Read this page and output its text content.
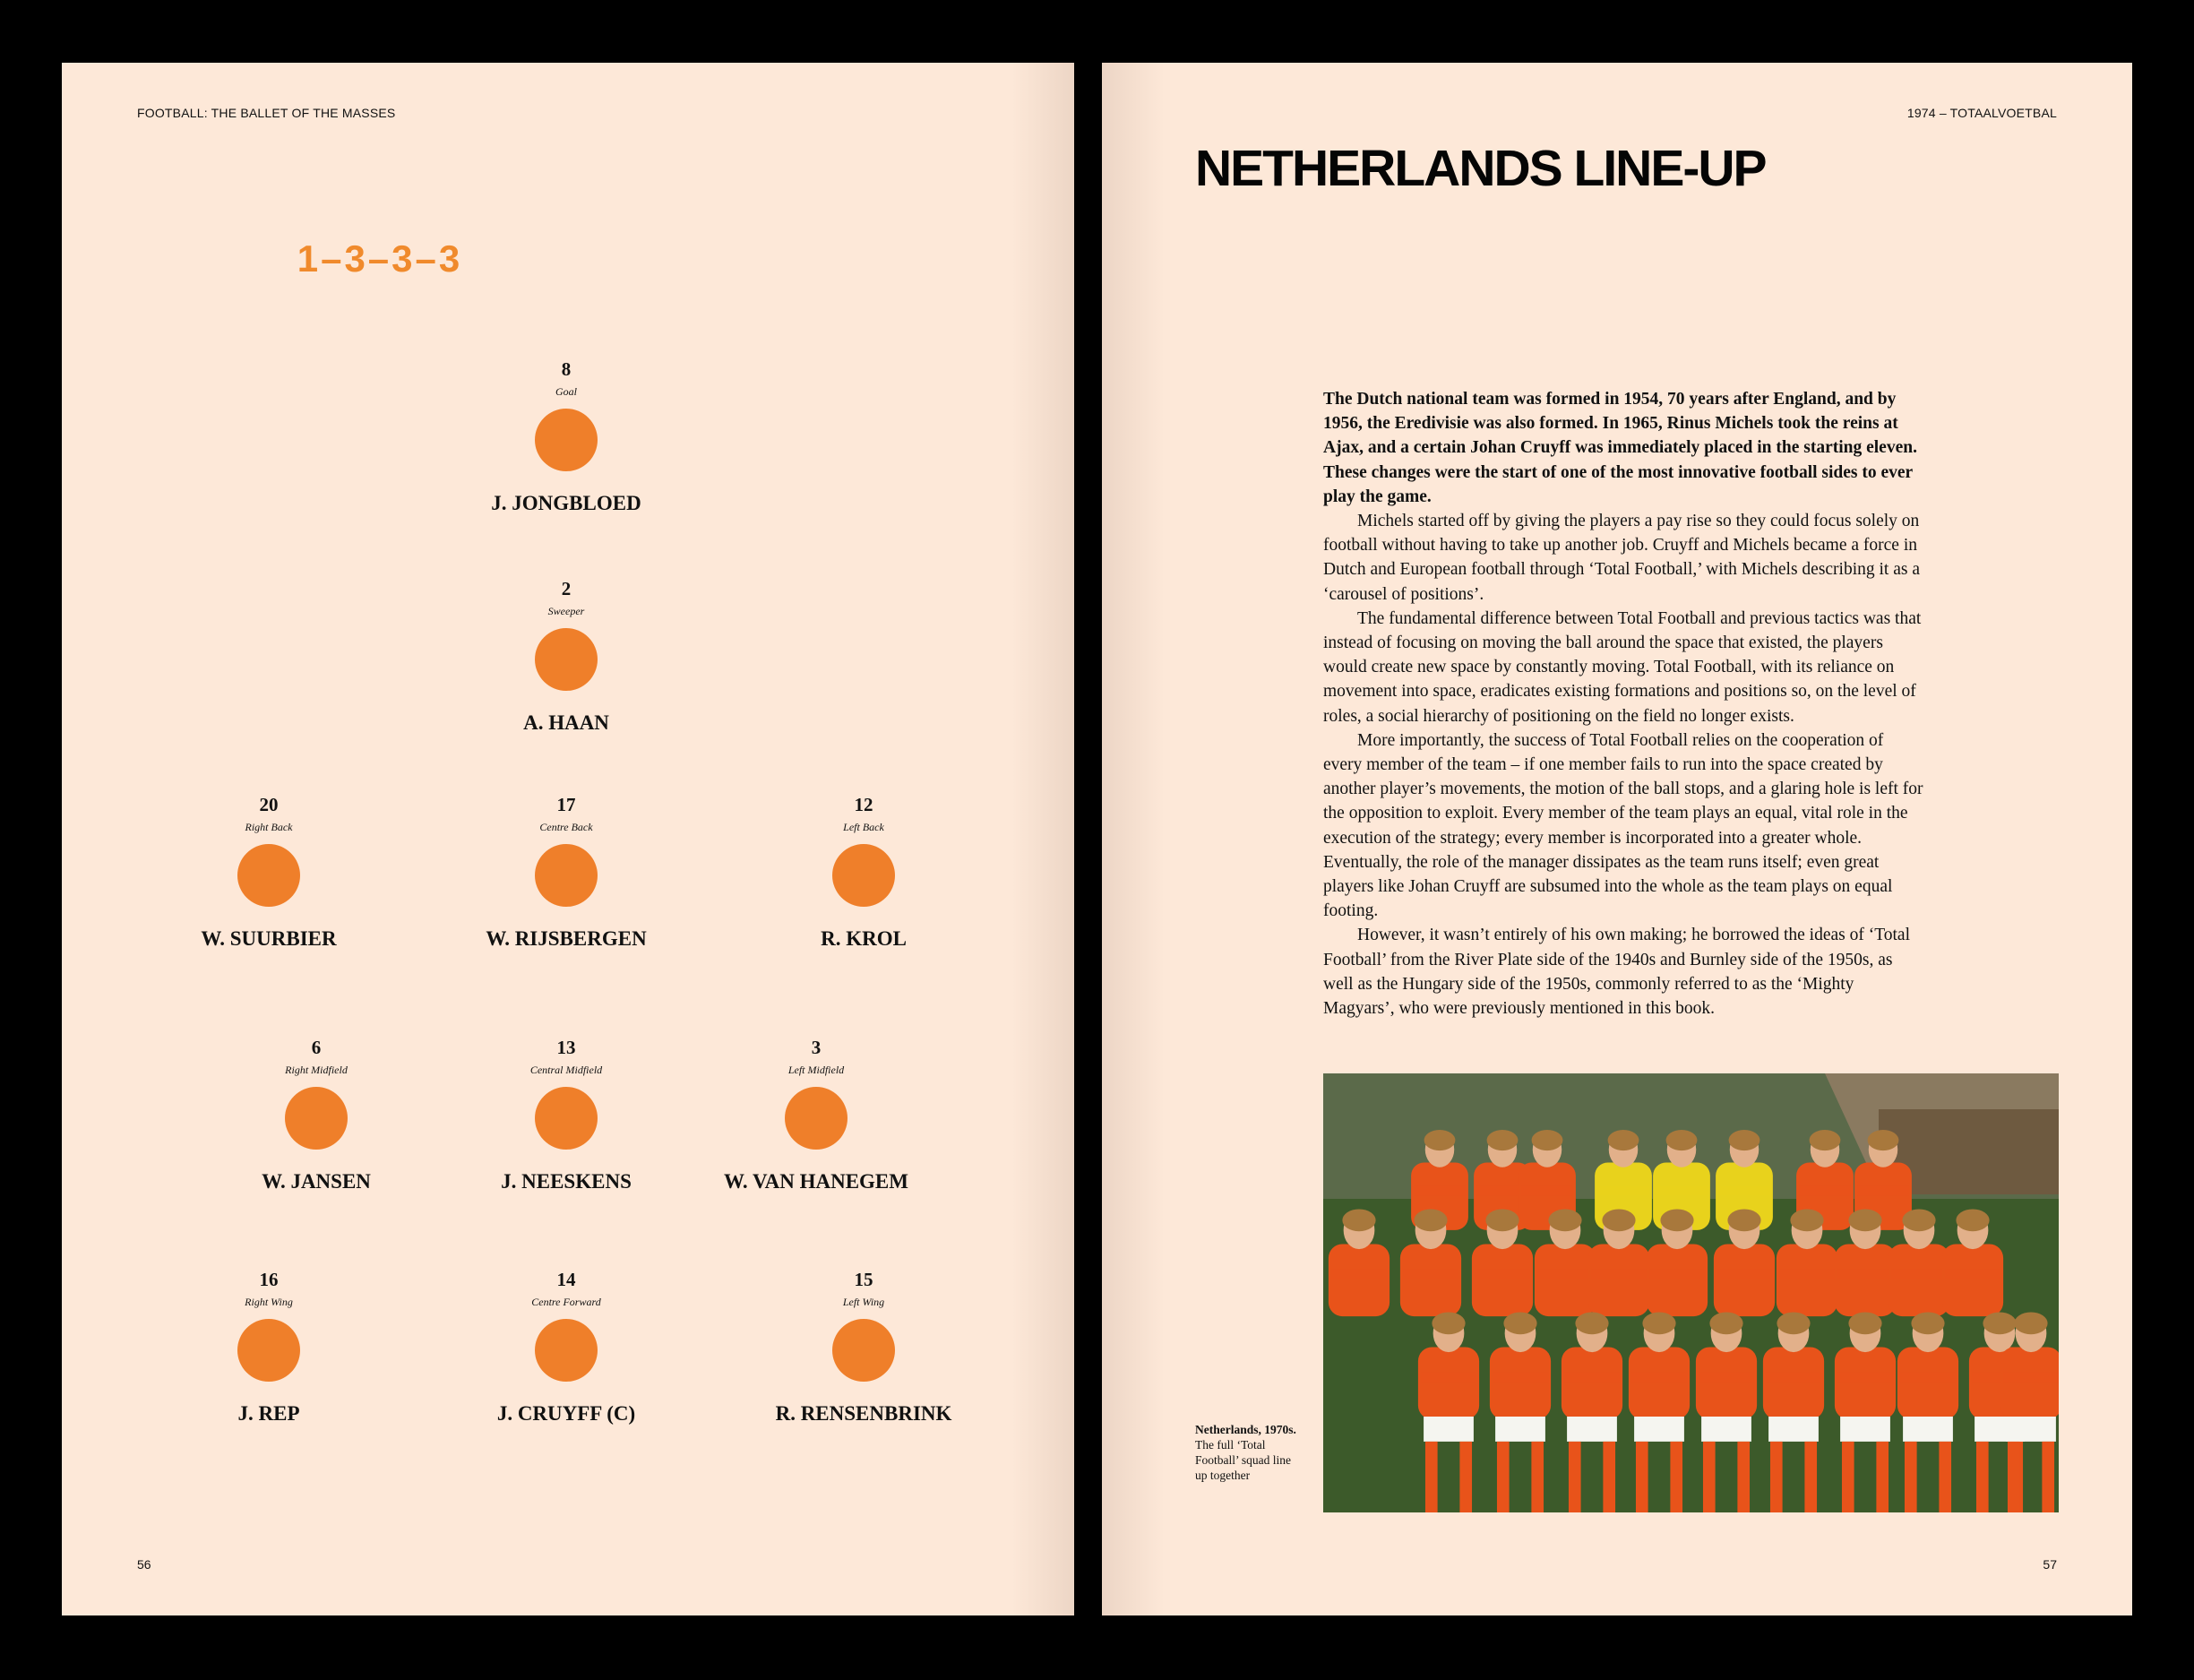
FOOTBALL: THE BALLET OF THE MASSES
1–3–3–3
8
Goal
J. JONGBLOED
2
Sweeper
A. HAAN
20
Right Back
W. SUURBIER
17
Centre Back
W. RIJSBERGEN
12
Left Back
R. KROL
6
Right Midfield
W. JANSEN
13
Central Midfield
J. NEESKENS
3
Left Midfield
W. VAN HANEGEM
16
Right Wing
J. REP
14
Centre Forward
J. CRUYFF (C)
15
Left Wing
R. RENSENBRINK
56
1974 – TOTAALVOETBAL
NETHERLANDS LINE-UP

The Dutch national team was formed in 1954, 70 years after England, and by 1956, the Eredivisie was also formed. In 1965, Rinus Michels took the reins at Ajax, and a certain Johan Cruyff was immediately placed in the starting eleven. These changes were the start of one of the most innovative football sides to ever play the game.

Michels started off by giving the players a pay rise so they could focus solely on football without having to take up another job. Cruyff and Michels became a force in Dutch and European football through ‘Total Football,’ with Michels describing it as a ‘carousel of positions’.

The fundamental difference between Total Football and previous tactics was that instead of focusing on moving the ball around the space that existed, the players would create new space by constantly moving. Total Football, with its reliance on movement into space, eradicates existing formations and positions so, on the level of roles, a social hierarchy of positioning on the field no longer exists.

More importantly, the success of Total Football relies on the cooperation of every member of the team – if one member fails to run into the space created by another player’s movements, the motion of the ball stops, and a glaring hole is left for the opposition to exploit. Every member of the team plays an equal, vital role in the execution of the strategy; every member is incorporated into a greater whole. Eventually, the role of the manager dissipates as the team runs itself; even great players like Johan Cruyff are subsumed into the whole as the team plays on equal footing.

However, it wasn’t entirely of his own making; he borrowed the ideas of ‘Total Football’ from the River Plate side of the 1940s and Burnley side of the 1950s, as well as the Hungary side of the 1950s, commonly referred to as the ‘Mighty Magyars’, who were previously mentioned in this book.

Netherlands, 1970s.
The full ‘Total Football’ squad line up together
57
